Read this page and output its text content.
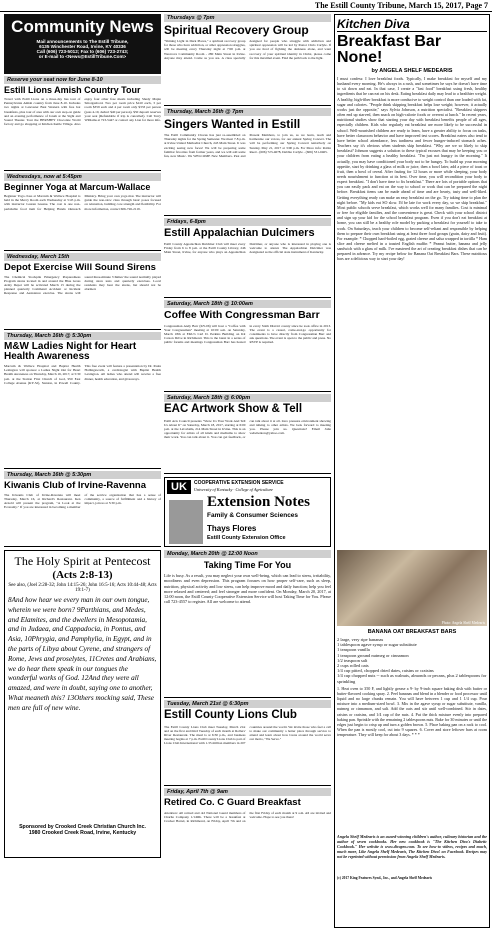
The Estill County Tribune, March 15, 2017, Page 7
Community News
Mail announcements to The Estill Tribune,
6135 Winchester Road, Irvine, KY 40336
Call (606) 723-5012; Fax to (606) 723-2743;
or E-mail to <News@EstillTribune.Com>
Reserve your seat now for June 8-10
Estill Lions Amish Country Tour
Travel with Estill Lions on a three-day bus tour of Pennsylvania Amish country from June 8-10. Includes two nights at Lancaster Best Western with free hot breakfasts, plus tour of area with our own step-on guide and an evening performance of Jonah at the Sight and Sound Theater. Tour the HERSHEY Chocolate World factory and go shopping at Kitchen Kettle Village. Also enjoy four other free meals including Shady Maple Smorgasbord. Two per room price $410 each, 3 per room $359 each and 4 per room only $333 per person (pass 4-10, deduct $40 per person). $50 deposit reserves your seat (Refundable if trip is cancelled). Call Terry Williams at 723-5447 or contact any Lion for more info.
Wednesdays, now at 5:45pm
Beginner Yoga at Marcum-Wallace
Beginner Yoga class at Marcum & Wallace Hospital is held in the Mercy Room each Wednesday at 5:45 p.m. with instructor Lauren Greene. The cost is one non-perishable food item for Helping Hands Outreach Ministry. Bring your own yoga mat. The instructor will guide the non-slow class through basic poses focused on relaxation, building core strength and flexibility. For more information, contact 606-726-2119.
Wednesday, March 15th
Depot Exercise Will Sound Sirens
The Chemical Stockpile Emergency Preparedness Program sirens located in and around the Blue Grass Army Depot will be activated March 15 during the planned quarterly Command Accident or Incident Response and Assistance exercise. The sirens will sound three-minute 'Chimes' the sound normally played during siren tests and quarterly exercises. Local residents may hear the sirens, but should not be alarmed.
Thursday, March 16th @ 5:30pm
M&W Ladies Night for Heart Health Awareness
Marcum & Wallace Hospital and Baptist Health Lexington will sponsor a Ladies Night Out for Heart Health Awareness on Thursday, March 16, 2017, at 5:30 p.m. at the Station First Church of God, 950 East College Avenue (KY-52), Stanton, in Powell County. This free event will feature a presentation by Dr. Paula Hollingsworth, a cardiologist with Baptist Health Lexington. All ladies who attend will receive a free dinner, health education, and giveaways.
Thursday, March 16th @ 5:30pm
Kiwanis Club of Irvine-Ravenna
The Kiwanis Club of Irvine-Ravenna will meet Thursday, March 16, at Richard's Restaurant. Ken Arnold will present the program, "A Look at the Economy." If you are interested in becoming a member of the service organization that has a sense of community, a source of fulfillment and a history of impact, join us at 5:30 p.m.
The Holy Spirit at Pentecost
(Acts 2:8-13)
See also, (Joel 2:28-32; John 14:15-26; John 16:5-16; Acts 10:44-48; Acts 19:1-7)
8And how hear we every man in our own tongue, wherein we were born? 9Parthians, and Medes, and Elamites, and the dwellers in Mesopotamia, and in Judaea, and Cappadocia, in Pontus, and Asia, 10Phrygia, and Pamphylia, in Egypt, and in the parts of Libya about Cyrene, and strangers of Rome, Jews and proselytes, 11Cretes and Arabians, we do hear them speak in our tongues the wonderful works of God. 12And they were all amazed, and were in doubt, saying one to another, What meaneth this? 13Others mocking said, These men are full of new wine.
Sponsored by Crooked Creek Christian Church Inc.
1980 Crooked Creek Road, Irvine, Kentucky
Thursdays @ 7pm
Spiritual Recovery Group
"Shining Light in Dark Places," a spiritual recovery group for those who have addiction, or other oppression struggles, will be meeting every Thursday night at 7:00 p.m. at Westcove Community Room - 280 Main Street in Irvine. Anyone may attend. Come as you are. A class specially designed for people who struggle with addiction and spiritual oppression will be led by Pastor Chris Carlyle. If you are tired of fighting the darkness alone, and want recovery of your spiritual identity in Christ, please come for this maximal event. Find the path back to the light.
Thursday, March 16th @ 7pm
Singers Wanted in Estill
The Estill Community Chorus has just re-assembled on Thursday nights for the Spring Semester. We meet 7-8 p.m. at Irvine United Methodist Church, 243 Main Street. It was exciting seeing new faces! We will be preparing some familiar favorites from former years, and we will add some fun, new Music. We WELCOME New Members. Past and Present Members, to join us, as we learn, teach and harmonize our voices, for our annual Spring Concert. The will be performing our Spring Concert tentatively on Sunday, May 21, 2017 at 3:00 p.m. For More info: Robin Reed - (606) 723-4678, Debbie Carlyle - (606) 531-0465.
Fridays, 6-8pm
Estill Appalachian Dulcimers
Estill County Appalachian Dulcimer Club will meet every Friday from 6 to 8 p.m. at the Estill County Library, 246 Main Street, Irvine, for anyone who plays an Appalachian Dulcimer, or anyone who is interested in playing one is welcome to attend. The Appalachian Dulcimer was designated as the official state instrument of Kentucky.
Saturday, March 18th @ 10:00am
Coffee With Congressman Barr
Congressman Andy Barr (KY-06) will host a "Coffee with Your Congressman" meeting at 10:00 a.m. on Saturday, March 18th at EKU's Carl D. Perkins Building on Kit Carson Drive in Richmond. This is the latest in a series of public forums and meetings Congressman Barr has hosted in every Sixth District county since he took office in 2013. The event is a casual, come-and-go opportunity for constituents to have directly from Congressman Barr and ask questions. The event is open to the public and press. No RSVP is required.
Saturday, March 18th @ 6:00pm
EAC Artwork Show & Tell
Estill Arts Council presents "Show Us Your Work And Tell Us About It" on Saturday, March 18, 2017, starting at 6:00 p.m. at the LaCabaña, 214 Main Street in Irvine. This is an opportunity for artists of all kinds and mediums to show their work. You can talk about it. You can get feedback, or can talk about it at all. Zero pressure environment showing and talking to other artists. We look forward to meeting you. Please join us. Questions? Email John webebenton@yahoo.com.
UK	COOPERATIVE EXTENSION SERVICE
University of Kentucky · College of Agriculture
Extension Notes
Family & Consumer Sciences
Thays Flores
Estill County Extension Office
Monday, March 20th @ 12:00 Noon
Taking Time For You
Life is busy. As a result, you may neglect your own well-being, which can lead to stress, irritability, moodiness and even depression. This program focuses on how proper self-care, such as sleep, nutrition, physical activity and low stress, can help improve mood and daily function; help you feel more relaxed and centered; and feel stronger and more confident. On Monday, March 20, 2017, at 12:00 noon, the Estill County Cooperative Extension Service will host Taking Time for You. Please call 723-4557 to register. All are welcome to attend.
Tuesday, March 21st @ 6:30pm
Estill County Lions Club
The Estill County Lions Club meet Tuesday, March 21st and on the first and third Tuesday of each month at Rollers' River Restaurant. The meal is at 6:30 p.m., and business meeting begins at 7 p.m. Estill County Lions Club is part of Lions Club International with 1.35 million members in 207 countries around the world. We invite those who feel a call to make our community a better place through service to attend and learn about how Lions around the world serve our motto, "We Serve."
Friday, April 7th @ 9am
Retired Co. C Guard Breakfast
Attention: All retired and old National Guard members of Charlie Company 1/149th. There will be a breakfast at Cracker Barrel, in Richmond, on Friday, April 7th and on the first Friday of each month at 9 a.m. All are invited and welcome. Hope to see you there!
Kitchen Diva
Breakfast Bar None!
by ANGELA SHELF MEDEARIS
I must confess: I love breakfast foods. Typically, I make breakfast for myself and my husband every morning. He's always in a rush, and sometimes he says he doesn't have time to sit down and eat. In that case, I create a "fast food" breakfast using fresh, healthy ingredients that he can eat on his desk. Eating breakfast daily may lead to a healthier weight. A healthy, high-fiber breakfast is more conducive to weight control than one loaded with fat, sugar and calories. "People think skipping breakfast helps lose weight; however, it actually works just the opposite," says Sylvia Johnson, a nutrition specialist. "Breakfast skippers often end up starved, then snack on high-calorie foods or overeat at lunch." In recent years, nutritional studies show that starting your day with breakfast benefits people of all ages, especially children. Kids who regularly eat breakfast are more likely to be successful in school. Well-nourished children are ready to learn, have a greater ability to focus on tasks, have better classroom behavior and have improved test scores. Breakfast eaters also tend to have better school attendance, less tardiness and fewer hunger-induced stomach aches. Teachers say it's obvious when students skip breakfast. "Why are we so likely to skip breakfast? Johnson suggests a solution to these typical excuses that may be keeping you or your children from eating a healthy breakfast. "I'm just not hungry in the morning." It actually, you may have conditioned your body not to be hungry. To build up your morning appetite, start by drinking a glass of milk or juice, then a bowl later, add a piece of toast or fruit, then a bowl of cereal. After fasting for 12 hours or more while sleeping, your body needs nourishment to function at its best. Over time, you will recondition your body to expect breakfast. "I don't have time to fix breakfast." There are lots of portable options that you can easily pack and eat on the way to school or work that can be prepared the night before. Breakfast items can be made ahead of time and are hearty, tasty and well-liked. Getting everything ready can make an easy breakfast on the go. Try taking time to plan the night before. "My kids eat SO slow. I'd be late for work every day, so we skip breakfast." Most public schools serve breakfast, which works well for many families. Cost is minimal or free for eligible families, and the convenience is great. Check with your school district and sign up your kid for the school breakfast program. Even if you don't eat breakfast at home, you can still be a healthy role model by packing a breakfast for yourself to take to work. On Saturdays, teach your children to become self-reliant and responsible by helping them to prepare their own breakfast using at least three food groups (grain, dairy and fruit). For example: * Chopped hard-boiled egg, grated cheese and salsa wrapped in tortilla * Ham slice and cheese melted in a toasted English muffin * Peanut butter, banana and jelly sandwich with a glass of milk. I've mastered the art of creating breakfast dishes that can be prepared in advance. Try my recipe below for Banana Oat Breakfast Bars. These nutritious bars are a delicious way to start your day!
Photo: Angela Shelf Medearis
BANANA OAT BREAKFAST BARS
2 large, very ripe bananas
1 tablespoon agave syrup or sugar substitute
1 teaspoon vanilla
1 teaspoon ground nutmeg or cinnamon
1/2 teaspoon salt
2 cups rolled oats
1/4 cup pitted, chopped dried dates, raisins or craisins
1/4 cup chopped nuts -- such as walnuts, almonds or pecans, plus 2 tablespoons for sprinkling
1. Heat oven to 350 F, and lightly grease a 9- by 9-inch square baking dish with butter or butter-flavored cooking spray. 2. Peel bananas and blend in a blender or food processor until liquid and no large chunks remain. You will have between 1 cup and 1 1/4 cup. Pour mixture into a medium-sized bowl. 3. Mix in the agave syrup or sugar substitute, vanilla, nutmeg or cinnamon, and salt. Add the oats and stir until well-combined. Stir in dates, raisins or craisins, and 1/4 cup of the nuts. 4. Put the thick mixture evenly into prepared baking pan. Sprinkle with the remaining 2 tablespoons nuts. Bake for 30 minutes or until the edges just begin to crisp up and turn a golden brown. 5. Place baking pan on a rack to cool. When the pan is mostly cool, cut into 9 squares. 6. Cover and store leftover bars at room temperature. They will keep for about 3 days. * * *
Angela Shelf Medearis is an award-winning children's author, culinary historian and the author of seven cookbooks. Her new cookbook is "The Kitchen Diva's Diabetic Cookbook." Her website is www.divapro.com. To see how-to videos, recipes and much, much more, Like Angela Shelf Medearis, The Kitchen Diva! on Facebook. Recipes may not be reprinted without permission from Angela Shelf Medearis.
(c) 2017 King Features Synd., Inc., and Angela Shelf Medearis
